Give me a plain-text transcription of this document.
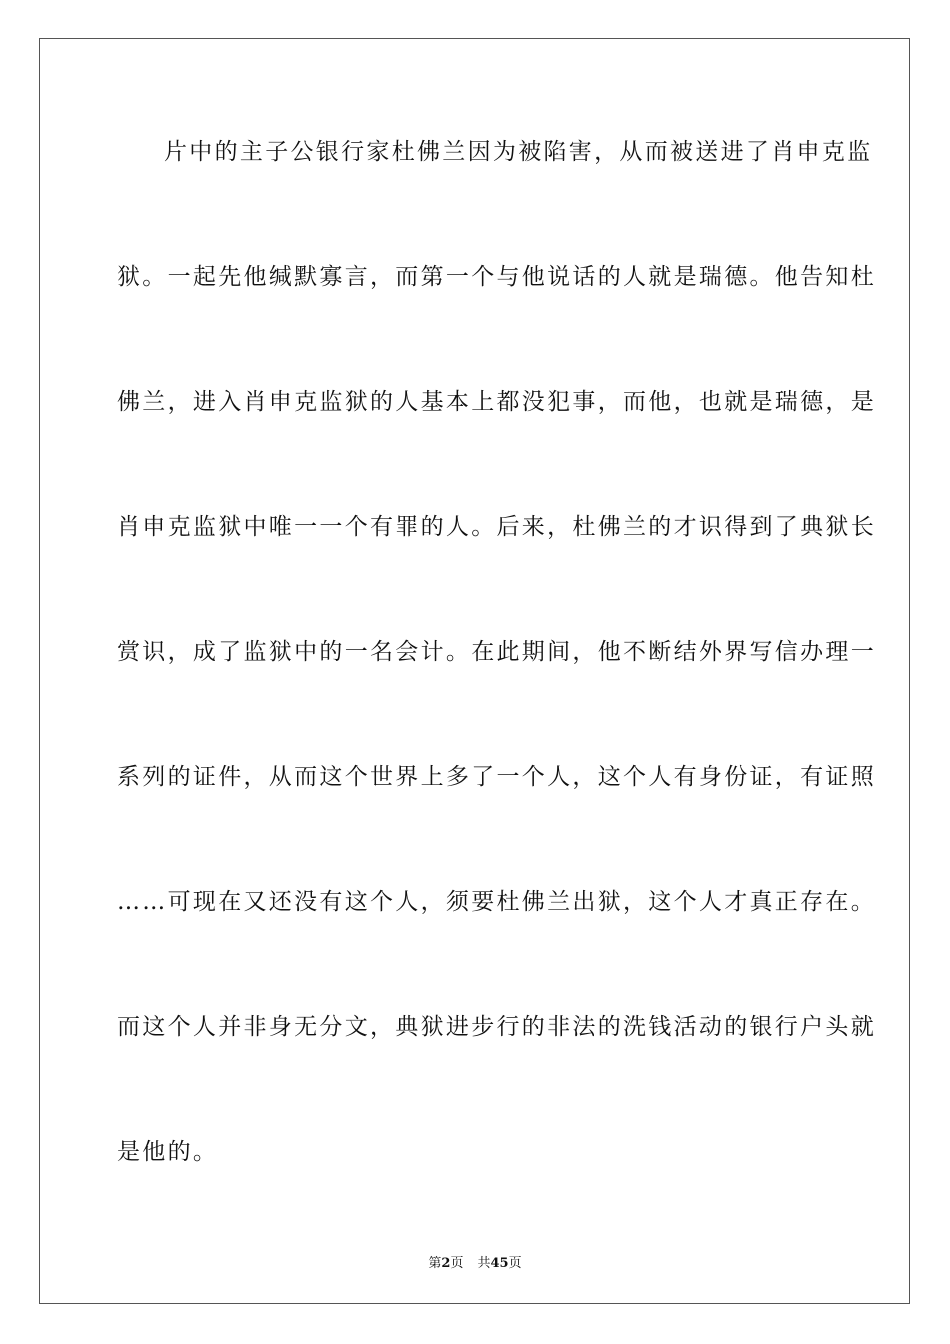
片中的主子公银行家杜佛兰因为被陷害，从而被送进了肖申克监
狱。一起先他缄默寡言，而第一个与他说话的人就是瑞德。他告知杜
佛兰，进入肖申克监狱的人基本上都没犯事，而他，也就是瑞德，是
肖申克监狱中唯一一个有罪的人。后来，杜佛兰的才识得到了典狱长
赏识，成了监狱中的一名会计。在此期间，他不断结外界写信办理一
系列的证件，从而这个世界上多了一个人，这个人有身份证，有证照
……可现在又还没有这个人，须要杜佛兰出狱，这个人才真正存在。
而这个人并非身无分文，典狱进步行的非法的洗钱活动的银行户头就
是他的。
第2页 共45页
